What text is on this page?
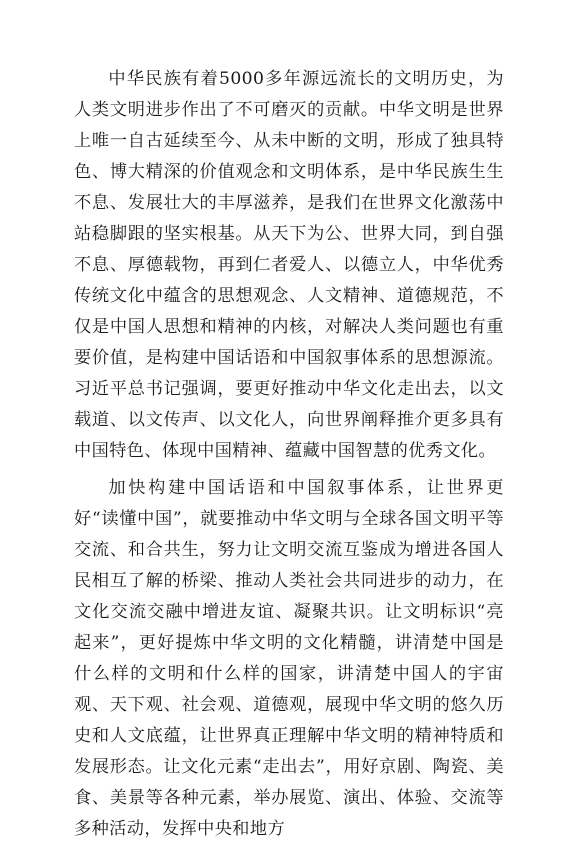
中华民族有着5000多年源远流长的文明历史，为人类文明进步作出了不可磨灭的贡献。中华文明是世界上唯一自古延续至今、从未中断的文明，形成了独具特色、博大精深的价值观念和文明体系，是中华民族生生不息、发展壮大的丰厚滋养，是我们在世界文化激荡中站稳脚跟的坚实根基。从天下为公、世界大同，到自强不息、厚德载物，再到仁者爱人、以德立人，中华优秀传统文化中蕴含的思想观念、人文精神、道德规范，不仅是中国人思想和精神的内核，对解决人类问题也有重要价值，是构建中国话语和中国叙事体系的思想源流。习近平总书记强调，要更好推动中华文化走出去，以文载道、以文传声、以文化人，向世界阐释推介更多具有中国特色、体现中国精神、蕴藏中国智慧的优秀文化。

加快构建中国话语和中国叙事体系，让世界更好“读懂中国”，就要推动中华文明与全球各国文明平等交流、和合共生，努力让文明交流互鉴成为增进各国人民相互了解的桥梁、推动人类社会共同进步的动力，在文化交流交融中增进友谊、凝聚共识。让文明标识“亮起来”，更好提炼中华文明的文化精髓，讲清楚中国是什么样的文明和什么样的国家，讲清楚中国人的宇宙观、天下观、社会观、道德观，展现中华文明的悠久历史和人文底蕴，让世界真正理解中华文明的精神特质和发展形态。让文化元素“走出去”，用好京剧、陶瓷、美食、美景等各种元素，举办展览、演出、体验、交流等多种活动，发挥中央和地方
